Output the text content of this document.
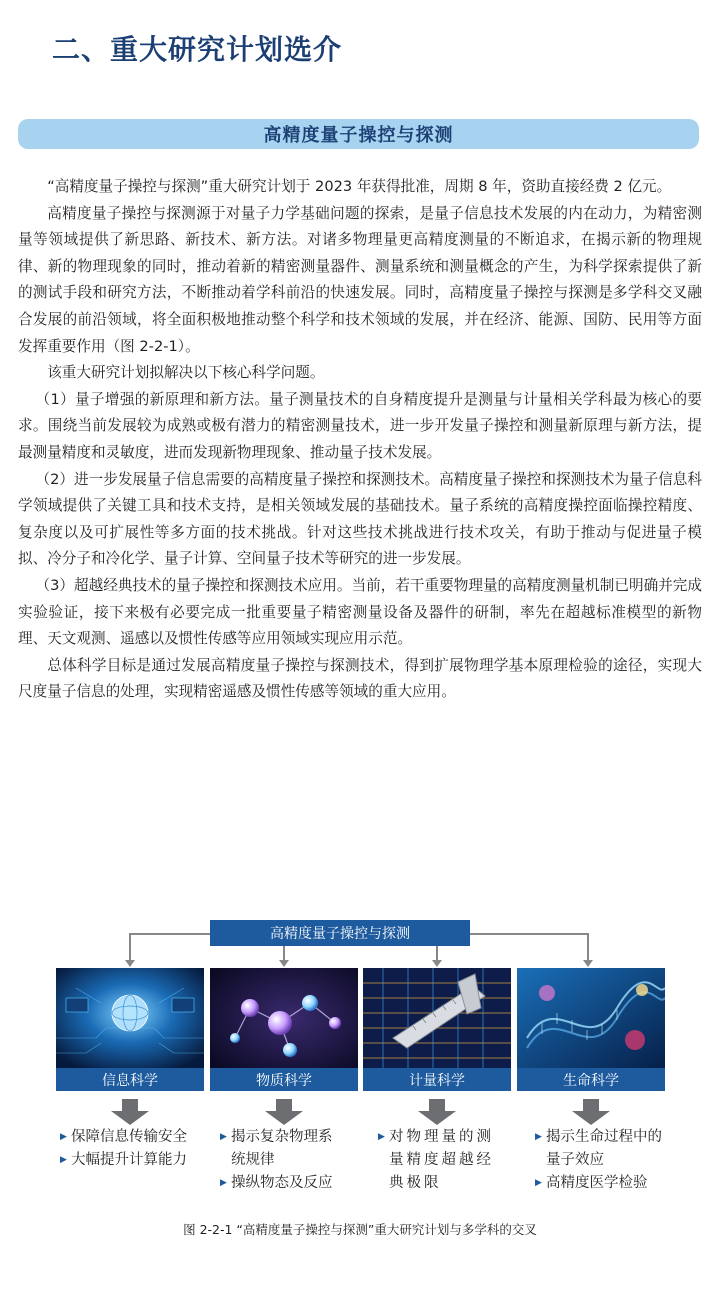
二、重大研究计划选介
高精度量子操控与探测

“高精度量子操控与探测”重大研究计划于 2023 年获得批准，周期 8 年，资助直接经费 2 亿元。

高精度量子操控与探测源于对量子力学基础问题的探索，是量子信息技术发展的内在动力，为精密测量等领域提供了新思路、新技术、新方法。对诸多物理量更高精度测量的不断追求，在揭示新的物理规律、新的物理现象的同时，推动着新的精密测量器件、测量系统和测量概念的产生，为科学探索提供了新的测试手段和研究方法，不断推动着学科前沿的快速发展。同时，高精度量子操控与探测是多学科交叉融合发展的前沿领域，将全面积极地推动整个科学和技术领域的发展，并在经济、能源、国防、民用等方面发挥重要作用（图 2-2-1）。

该重大研究计划拟解决以下核心科学问题。

（1）量子增强的新原理和新方法。量子测量技术的自身精度提升是测量与计量相关学科最为核心的要求。围绕当前发展较为成熟或极有潜力的精密测量技术，进一步开发量子操控和测量新原理与新方法，提最测量精度和灵敏度，进而发现新物理现象、推动量子技术发展。

（2）进一步发展量子信息需要的高精度量子操控和探测技术。高精度量子操控和探测技术为量子信息科学领域提供了关键工具和技术支持，是相关领域发展的基础技术。量子系统的高精度操控面临操控精度、复杂度以及可扩展性等多方面的技术挑战。针对这些技术挑战进行技术攻关，有助于推动与促进量子模拟、冷分子和冷化学、量子计算、空间量子技术等研究的进一步发展。

（3）超越经典技术的量子操控和探测技术应用。当前，若干重要物理量的高精度测量机制已明确并完成实验验证，接下来极有必要完成一批重要量子精密测量设备及器件的研制，率先在超越标准模型的新物理、天文观测、遥感以及惯性传感等应用领域实现应用示范。

总体科学目标是通过发展高精度量子操控与探测技术，得到扩展物理学基本原理检验的途径，实现大尺度量子信息的处理，实现精密遥感及惯性传感等领域的重大应用。

高精度量子操控与探测
信息科学	物质科学	计量科学	生命科学
▶ 保障信息传输安全
▶ 大幅提升计算能力
▶ 揭示复杂物理系统规律
▶ 操纵物态及反应
▶ 对物理量的测量精度超越经典极限
▶ 揭示生命过程中的量子效应
▶ 高精度医学检验
图 2-2-1 “高精度量子操控与探测”重大研究计划与多学科的交叉
